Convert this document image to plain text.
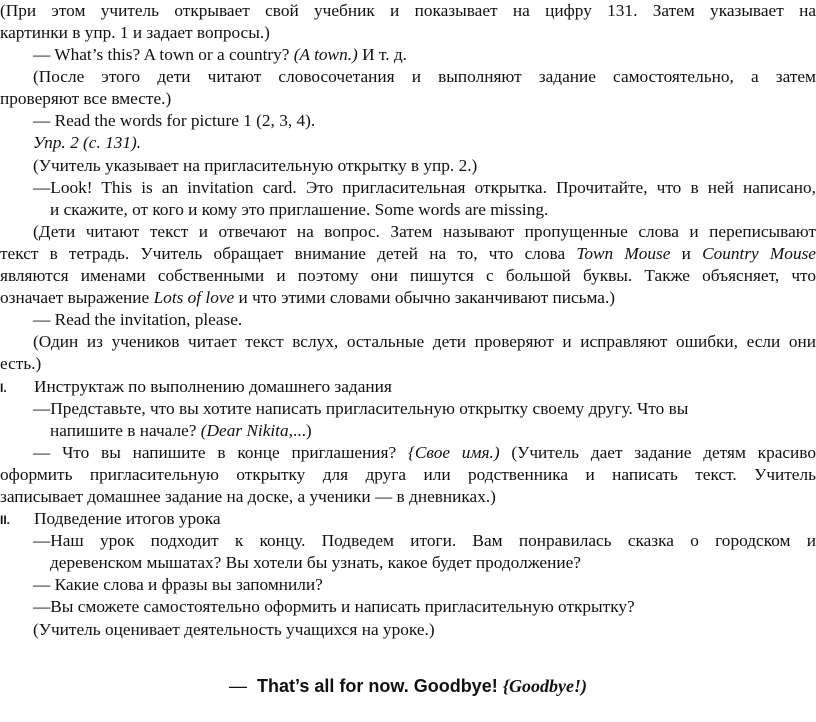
(При этом учитель открывает свой учебник и показывает на цифру 131. Затем указывает на
картинки в упр. 1 и задает вопросы.)
— What’s this? A town or a country? (A town.) И т. д.
(После этого дети читают словосочетания и выполняют задание самостоятельно, а затем
проверяют все вместе.)
— Read the words for picture 1 (2, 3, 4).
Упр. 2 (с. 131).
(Учитель указывает на пригласительную открытку в упр. 2.)
—Look! This is an invitation card. Это пригласительная открытка. Прочитайте, что в ней написано,
и скажите, от кого и кому это приглашение. Some words are missing.
(Дети читают текст и отвечают на вопрос. Затем называют пропущенные слова и переписывают
текст в тетрадь. Учитель обращает внимание детей на то, что слова Town Mouse и Country Mouse
являются именами собственными и поэтому они пишутся с большой буквы. Также объясняет, что
означает выражение Lots of love и что этими словами обычно заканчивают письма.)
— Read the invitation, please.
(Один из учеников читает текст вслух, остальные дети проверяют и исправляют ошибки, если они
есть.)
I. Инструктаж по выполнению домашнего задания
—Представьте, что вы хотите написать пригласительную открытку своему другу. Что вы
напишите в начале? (Dear Nikita,...)
— Что вы напишите в конце приглашения? {Свое имя.) (Учитель дает задание детям красиво
оформить пригласительную открытку для друга или родственника и написать текст. Учитель
записывает домашнее задание на доске, а ученики — в дневниках.)
II. Подведение итогов урока
—Наш урок подходит к концу. Подведем итоги. Вам понравилась сказка о городском и
деревенском мышатах? Вы хотели бы узнать, какое будет продолжение?
— Какие слова и фразы вы запомнили?
—Вы сможете самостоятельно оформить и написать пригласительную открытку?
(Учитель оценивает деятельность учащихся на уроке.)
— That’s all for now. Goodbye! {Goodbye!)
